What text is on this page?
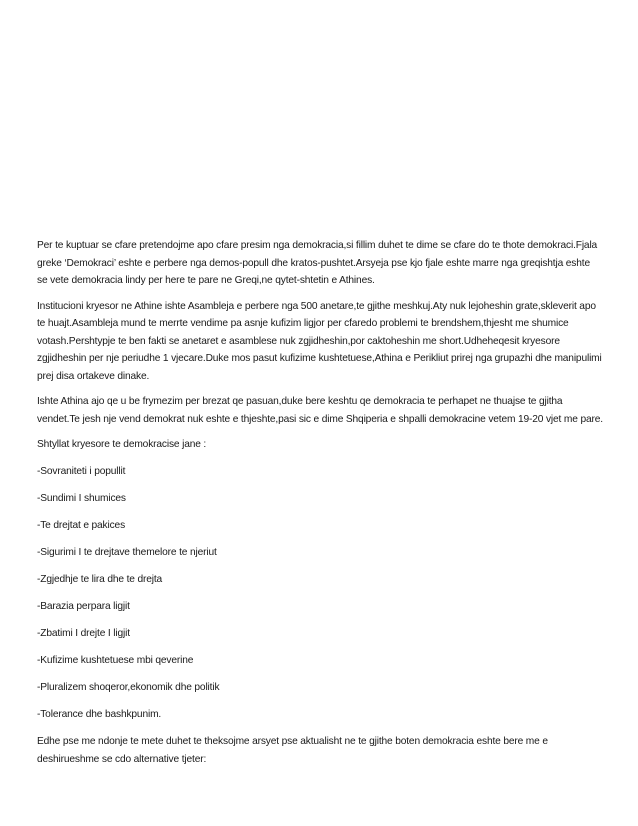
Per te kuptuar se cfare pretendojme apo cfare presim nga demokracia,si fillim duhet te dime se cfare do te thote demokraci.Fjala greke ‘Demokraci’ eshte e perbere nga demos-popull dhe kratos-pushtet.Arsyeja pse kjo fjale eshte marre nga greqishtja eshte se vete demokracia lindy per here te pare ne Greqi,ne qytet-shtetin e Athines.

Institucioni kryesor ne Athine ishte Asambleja e perbere nga 500 anetare,te gjithe meshkuj.Aty nuk lejoheshin grate,skleverit apo te huajt.Asambleja mund te merrte vendime pa asnje kufizim ligjor per cfaredo problemi te brendshem,thjesht me shumice votash.Pershtypje te ben fakti se anetaret e asamblese nuk zgjidheshin,por caktoheshin me short.Udheheqesit kryesore zgjidheshin per nje periudhe 1 vjecare.Duke mos pasut kufizime kushtetuese,Athina e Perikliut prirej nga grupazhi dhe manipulimi prej disa ortakeve dinake.

Ishte Athina ajo qe u be frymezim per brezat qe pasuan,duke bere keshtu qe demokracia te perhapet ne thuajse te gjitha vendet.Te jesh nje vend demokrat nuk eshte e thjeshte,pasi sic e dime Shqiperia e shpalli demokracine vetem 19-20 vjet me pare.

Shtyllat kryesore te demokracise jane :

-Sovraniteti i popullit

-Sundimi I shumices

-Te drejtat e pakices

-Sigurimi I te drejtave themelore te njeriut

-Zgjedhje te lira dhe te drejta

-Barazia perpara ligjit

-Zbatimi I drejte I ligjit

-Kufizime kushtetuese mbi qeverine

-Pluralizem shoqeror,ekonomik dhe politik

-Tolerance dhe bashkpunim.

Edhe pse me ndonje te mete duhet te theksojme arsyet pse aktualisht ne te gjithe boten demokracia eshte bere me e deshirueshme se cdo alternative tjeter:
